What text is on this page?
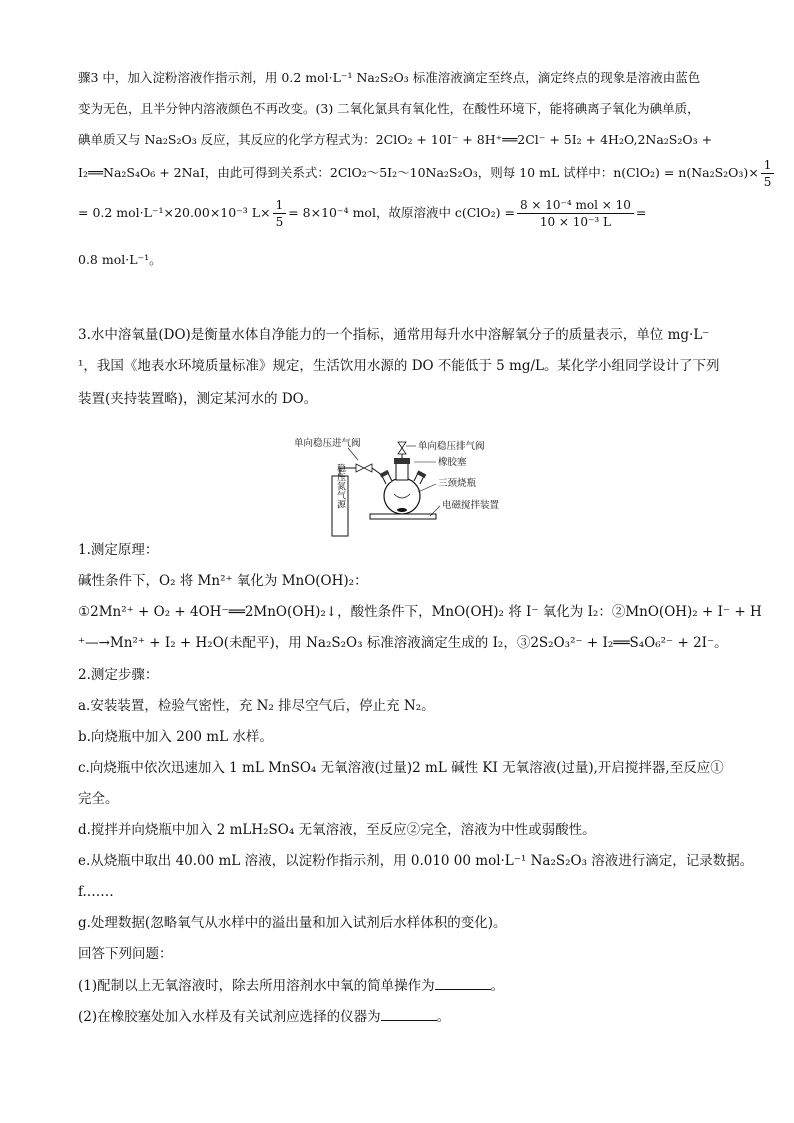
骤3 中，加入淀粉溶液作指示剂，用 0.2 mol·L⁻¹ Na₂S₂O₃ 标准溶液滴定至终点，滴定终点的现象是溶液由蓝色
变为无色，且半分钟内溶液颜色不再改变。(3) 二氧化氯具有氧化性，在酸性环境下，能将碘离子氧化为碘单质，
碘单质又与 Na₂S₂O₃ 反应，其反应的化学方程式为：2ClO₂ + 10I⁻ + 8H⁺══2Cl⁻ + 5I₂ + 4H₂O,2Na₂S₂O₃ +
I₂══Na₂S₄O₆ + 2NaI，由此可得到关系式：2ClO₂～5I₂～10Na₂S₂O₃，则每 10 mL 试样中：$n(ClO_2) = n(Na_2S_2O_3)\times \frac{1}{5}$
= 0.2 mol·L⁻¹×20.00×10⁻³ $L\times \frac{1}{5} = 8\times 10^{-4}$ mol，故原溶液中 $c(ClO_2) = \frac{\text{8 × 10⁻⁴ mol × 10}}{\text{10 × 10⁻³ L}}$ =
0.8 mol·L⁻¹。
3.水中溶氧量(DO)是衡量水体自净能力的一个指标，通常用每升水中溶解氧分子的质量表示，单位 mg·L⁻
¹，我国《地表水环境质量标准》规定，生活饮用水源的 DO 不能低于 5 mg/L。某化学小组同学设计了下列
装置(夹持装置略)，测定某河水的 DO。
稳压氮气源
单向稳压进气阀	单向稳压排气阀
橡胶塞
三颈烧瓶
电磁搅拌装置
1.测定原理：
碱性条件下，O₂ 将 Mn²⁺ 氧化为 MnO(OH)₂：
①2Mn²⁺ + O₂ + 4OH⁻══2MnO(OH)₂↓，酸性条件下，MnO(OH)₂ 将 I⁻ 氧化为 I₂：②MnO(OH)₂ + I⁻ + H
⁺—→Mn²⁺ + I₂ + H₂O(未配平)，用 Na₂S₂O₃ 标准溶液滴定生成的 I₂，③2S₂O₃²⁻ + I₂══S₄O₆²⁻ + 2I⁻。
2.测定步骤：
a.安装装置，检验气密性，充 N₂ 排尽空气后，停止充 N₂。
b.向烧瓶中加入 200 mL 水样。
c.向烧瓶中依次迅速加入 1 mL MnSO₄ 无氧溶液(过量)2 mL 碱性 KI 无氧溶液(过量),开启搅拌器,至反应①
完全。
d.搅拌并向烧瓶中加入 2 mLH₂SO₄ 无氧溶液，至反应②完全，溶液为中性或弱酸性。
e.从烧瓶中取出 40.00 mL 溶液，以淀粉作指示剂，用 0.010 00 mol·L⁻¹ Na₂S₂O₃ 溶液进行滴定，记录数据。
f.……
g.处理数据(忽略氧气从水样中的溢出量和加入试剂后水样体积的变化)。
回答下列问题：
(1)配制以上无氧溶液时，除去所用溶剂水中氧的简单操作为	。
(2)在橡胶塞处加入水样及有关试剂应选择的仪器为	。
